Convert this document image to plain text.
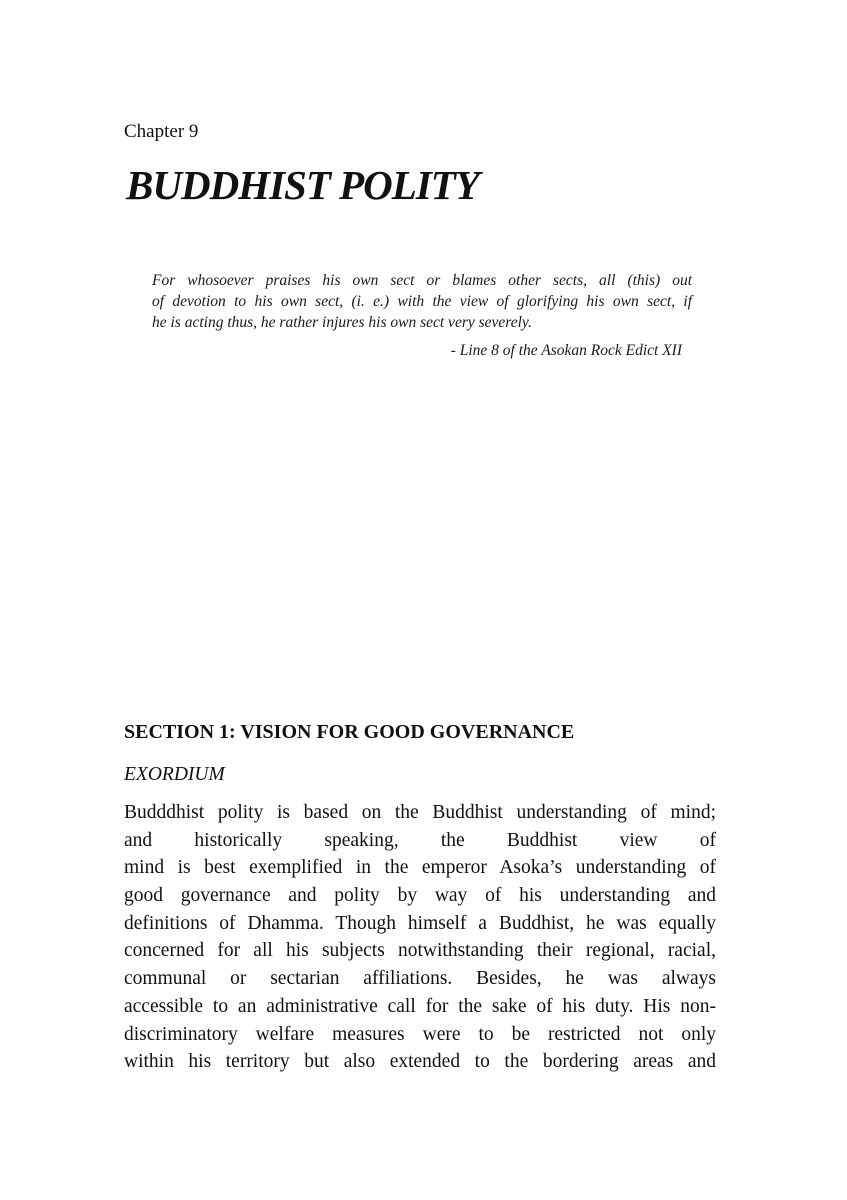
Chapter 9
BUDDHIST POLITY
For whosoever praises his own sect or blames other sects, all (this) out
of devotion to his own sect, (i. e.) with the view of glorifying his own sect, if
he is acting thus, he rather injures his own sect very severely.
- Line 8 of the Asokan Rock Edict XII
SECTION 1: VISION FOR GOOD GOVERNANCE
EXORDIUM
Budddhist polity is based on the Buddhist understanding of mind;
and historically speaking, the Buddhist view of
mind is best exemplified in the emperor Asoka’s understanding of
good governance and polity by way of his understanding and
definitions of Dhamma. Though himself a Buddhist, he was equally
concerned for all his subjects notwithstanding their regional, racial,
communal or sectarian affiliations. Besides, he was always
accessible to an administrative call for the sake of his duty. His non-
discriminatory welfare measures were to be restricted not only
within his territory but also extended to the bordering areas and
